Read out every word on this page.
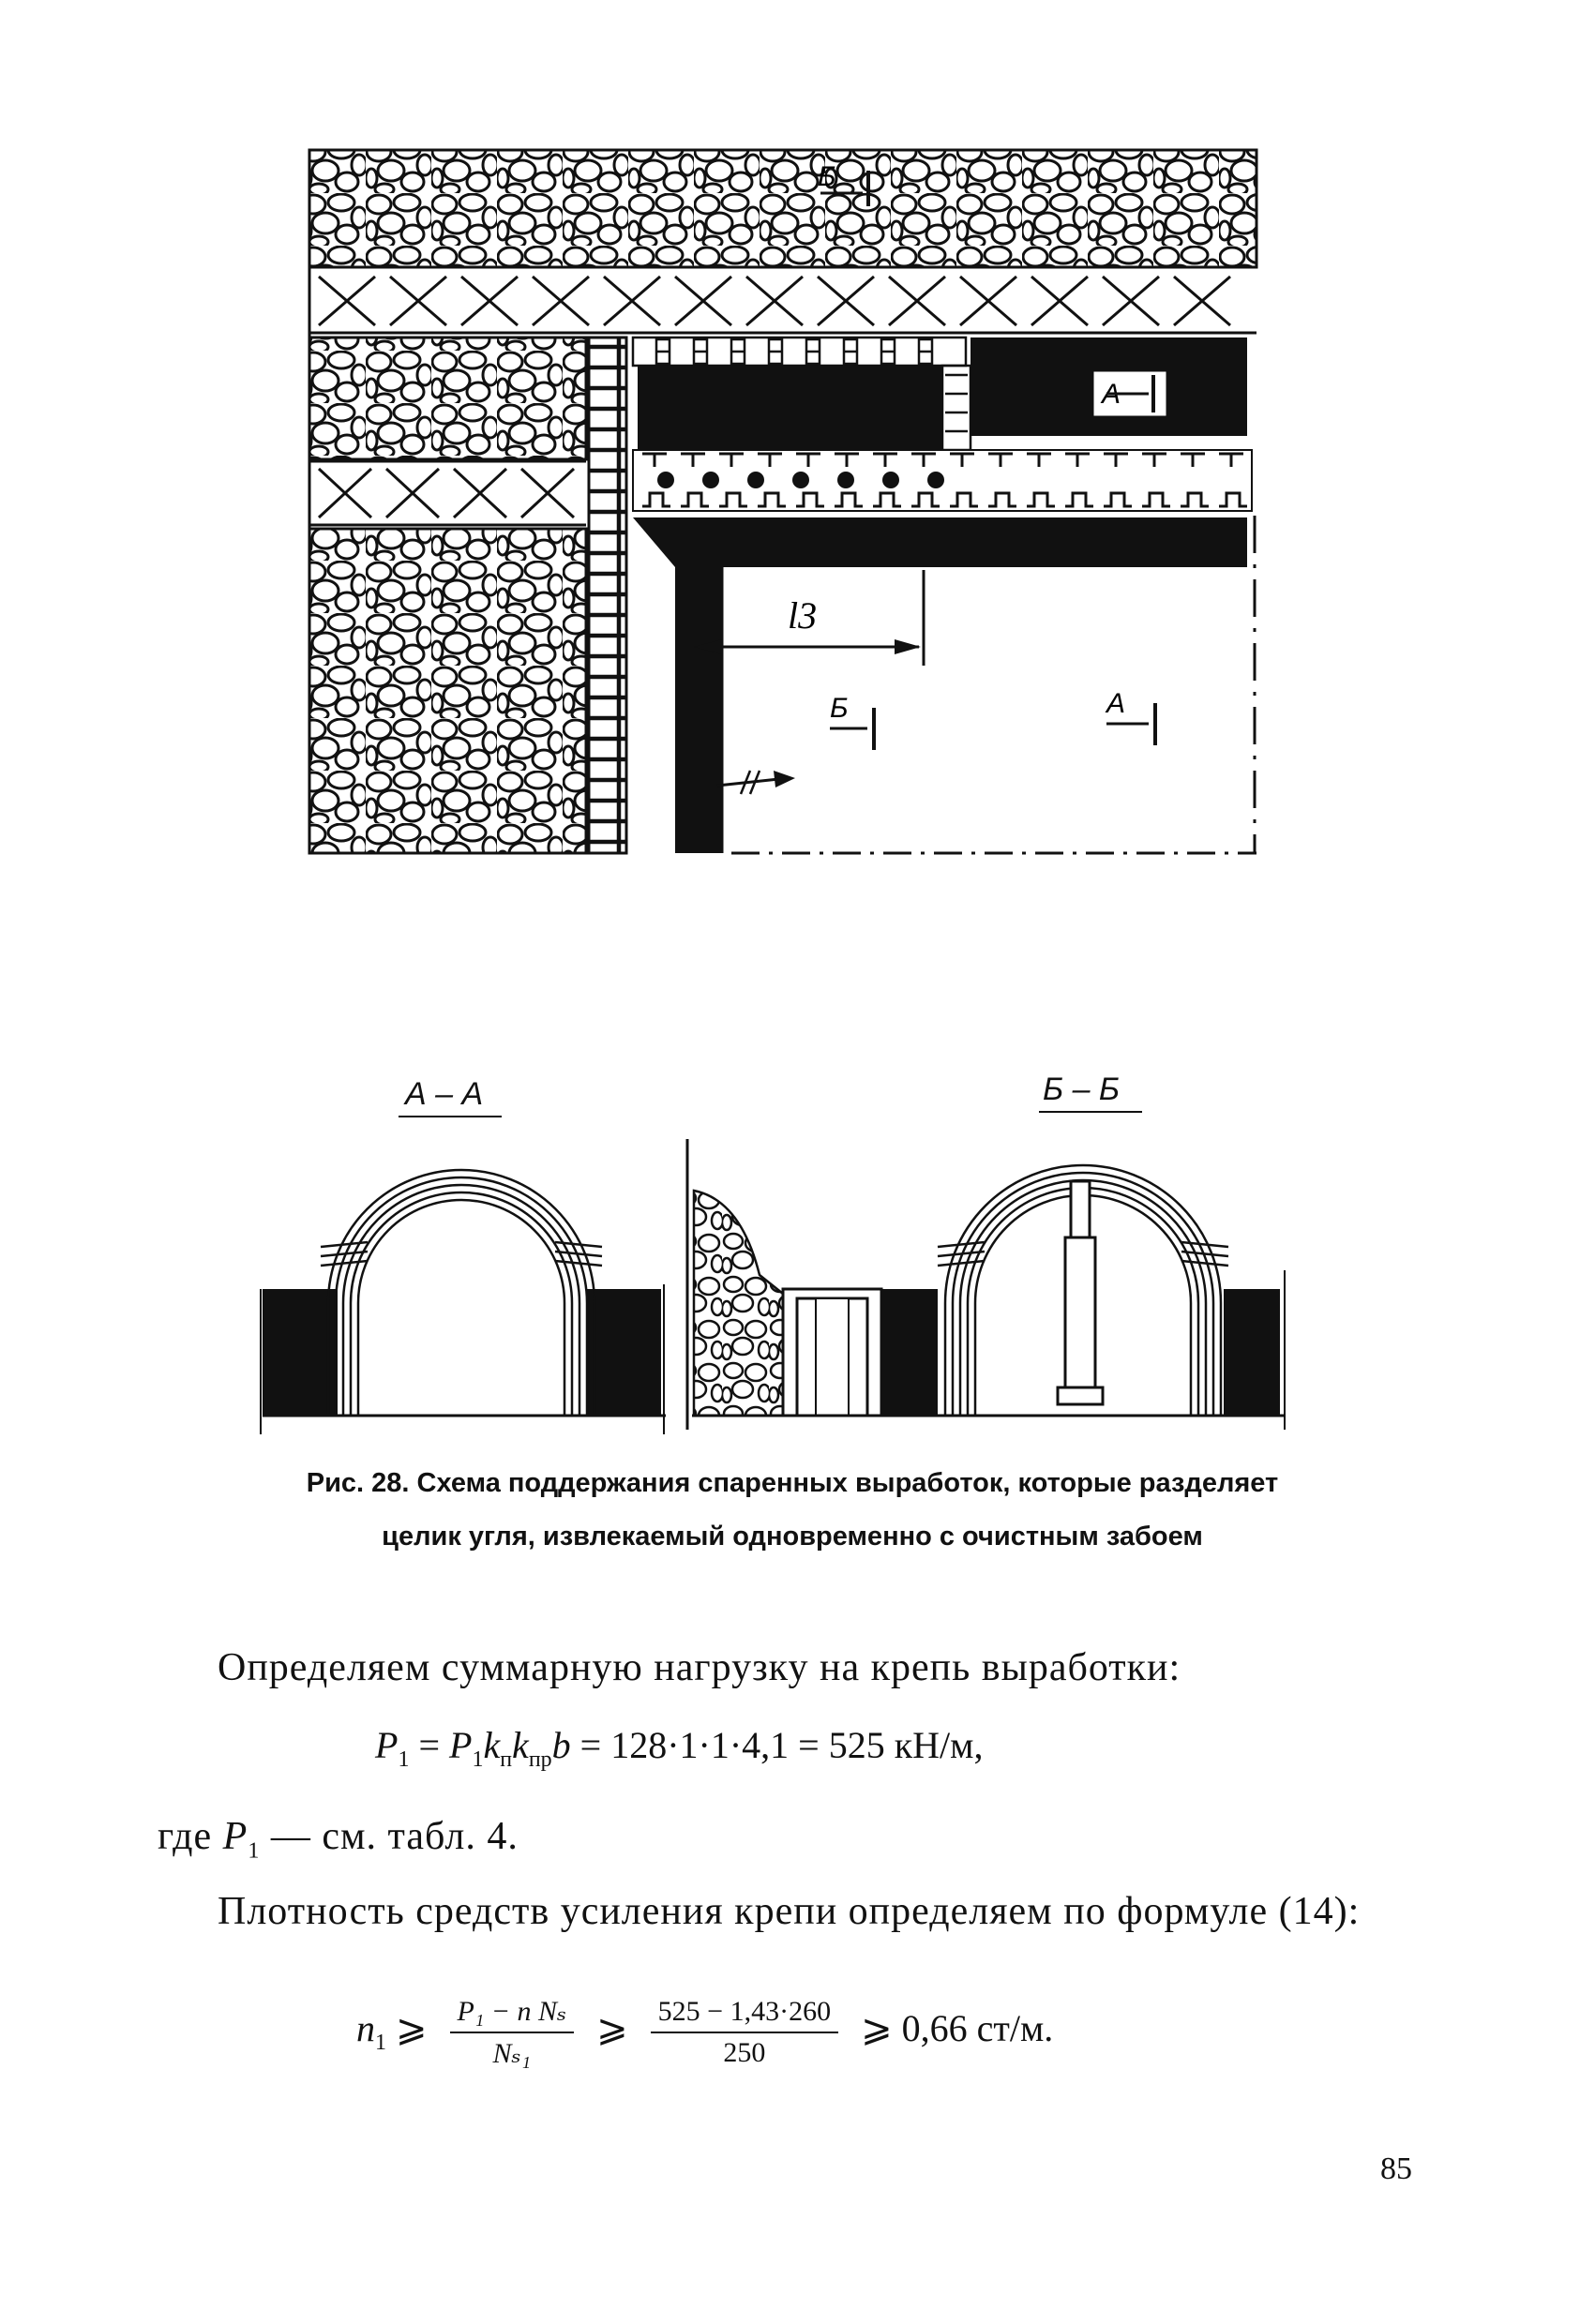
А
l3
Б
Б	А
А – А	Б – Б
Рис. 28. Схема поддержания спаренных выработок, которые разделяет
целик угля, извлекаемый одновременно с очистным забоем
Определяем суммарную нагрузку на крепь выработки:
$P_1 = P_1k_пk_{пр}b = 128\cdot 1\cdot 1\cdot 4,1 = 525$ кН/м,
где $P_1$ — см. табл. 4.
Плотность средств усиления крепи определяем по формуле (14):
$n_1$ ⩾ $\frac{\text{P₁ − n Nₛ}}{\text{Nₛ₁}}$ ⩾ $\frac{525 - 1,43\cdot 260}{250}$ ⩾ 0,66 ст/м.
85
